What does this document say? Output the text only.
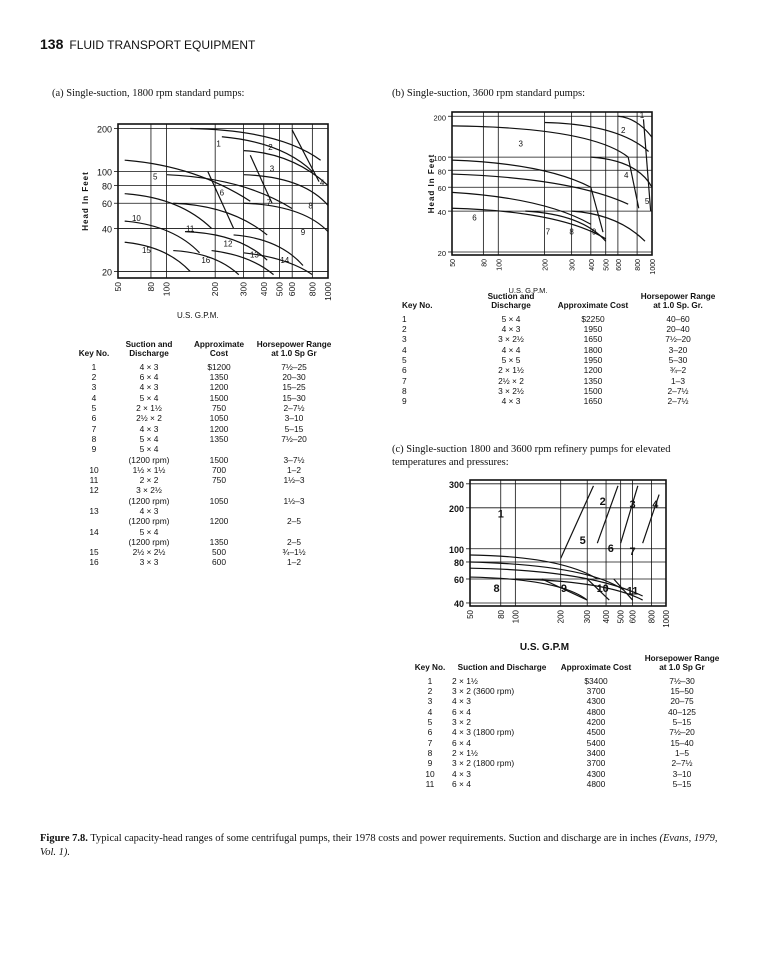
138 FLUID TRANSPORT EQUIPMENT
(a) Single-suction, 1800 rpm standard pumps:	(b) Single-suction, 3600 rpm standard pumps:
(c) Single-suction 1800 and 3600 rpm refinery pumps for elevated temperatures and pressures:
50	80 100	200 300 400 500 600 800 1000
200
100
80
60
40
20
Head In Feet
U.S. G.P.M.
1	2
3
4
5
6
7	8
9
10
11
12
13
14
15
16	50	80 100	200	300 400 500 600 800 1000
200
100
80
60
40
20
Head In Feet
U.S. G.P.M.
1
2
3
4
5
6
7 8 9
50	80 100	200 300 400 500 600 800 1000
300
200
100
80
60
40
U.S. G.P.M
1
2 3 4
5
6 7
8	9	10 11
Key No.	Suction and Discharge	Approximate Cost	Horsepower Range at 1.0 Sp Gr
1	4 × 3	$1200	7½–25
2	6 × 4	1350	20–30
3	4 × 3	1200	15–25
4	5 × 4	1500	15–30
5	2 × 1½	750	2–7½
6	2½ × 2	1050	3–10
7	4 × 3	1200	5–15
8	5 × 4	1350	7½–20
9	5 × 4		
	(1200 rpm)	1500	3–7½
10	1½ × 1½	700	1–2
11	2 × 2	750	1½–3
12	3 × 2½		
	(1200 rpm)	1050	1½–3
13	4 × 3		
	(1200 rpm)	1200	2–5
14	5 × 4		
	(1200 rpm)	1350	2–5
15	2½ × 2½	500	¾–1½
16	3 × 3	600	1–2
Key No.	Suction and Discharge	Approximate Cost	Horsepower Range at 1.0 Sp. Gr.
1	5 × 4	$2250	40–60
2	4 × 3	1950	20–40
3	3 × 2½	1650	7½–20
4	4 × 4	1800	3–20
5	5 × 5	1950	5–30
6	2 × 1½	1200	¾–2
7	2½ × 2	1350	1–3
8	3 × 2½	1500	2–7½
9	4 × 3	1650	2–7½
Key No.	Suction and Discharge	Approximate Cost	Horsepower Range at 1.0 Sp Gr
1	2 × 1½	$3400	7½–30
2	3 × 2 (3600 rpm)	3700	15–50
3	4 × 3	4300	20–75
4	6 × 4	4800	40–125
5	3 × 2	4200	5–15
6	4 × 3 (1800 rpm)	4500	7½–20
7	6 × 4	5400	15–40
8	2 × 1½	3400	1–5
9	3 × 2 (1800 rpm)	3700	2–7½
10	4 × 3	4300	3–10
11	6 × 4	4800	5–15
Figure 7.8. Typical capacity-head ranges of some centrifugal pumps, their 1978 costs and power requirements. Suction and discharge are in inches (Evans, 1979, Vol. 1).
